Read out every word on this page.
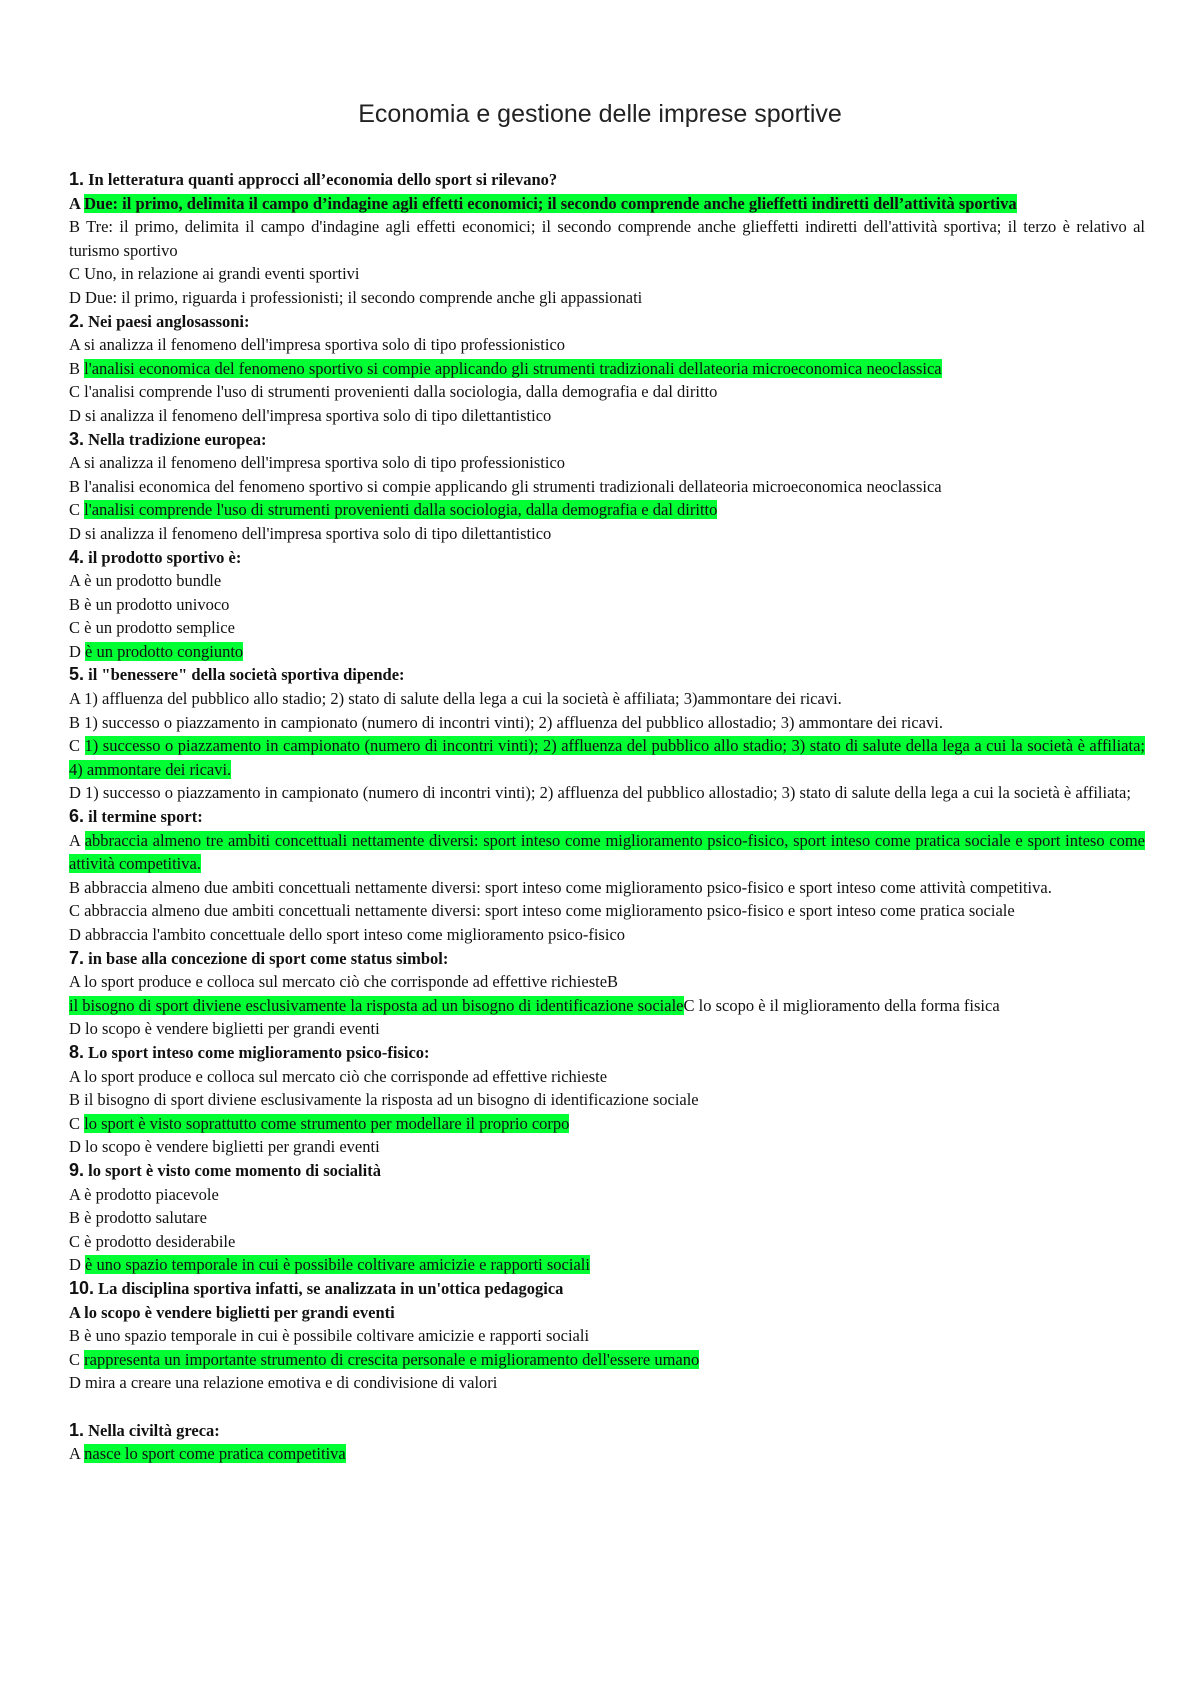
Economia e gestione delle imprese sportive

1. In letteratura quanti approcci all’economia dello sport si rilevano?

A Due: il primo, delimita il campo d’indagine agli effetti economici; il secondo comprende anche glieffetti indiretti dell’attività sportiva

B Tre: il primo, delimita il campo d'indagine agli effetti economici; il secondo comprende anche glieffetti indiretti dell'attività sportiva; il terzo è relativo al turismo sportivo

C Uno, in relazione ai grandi eventi sportivi

D Due: il primo, riguarda i professionisti; il secondo comprende anche gli appassionati

2. Nei paesi anglosassoni:

A si analizza il fenomeno dell'impresa sportiva solo di tipo professionistico

B l'analisi economica del fenomeno sportivo si compie applicando gli strumenti tradizionali dellateoria microeconomica neoclassica

C l'analisi comprende l'uso di strumenti provenienti dalla sociologia, dalla demografia e dal diritto

D si analizza il fenomeno dell'impresa sportiva solo di tipo dilettantistico

3. Nella tradizione europea:

A si analizza il fenomeno dell'impresa sportiva solo di tipo professionistico

B l'analisi economica del fenomeno sportivo si compie applicando gli strumenti tradizionali dellateoria microeconomica neoclassica

C l'analisi comprende l'uso di strumenti provenienti dalla sociologia, dalla demografia e dal diritto

D si analizza il fenomeno dell'impresa sportiva solo di tipo dilettantistico

4. il prodotto sportivo è:

A è un prodotto bundle

B è un prodotto univoco

C è un prodotto semplice

D è un prodotto congiunto

5. il "benessere" della società sportiva dipende:

A 1) affluenza del pubblico allo stadio; 2) stato di salute della lega a cui la società è affiliata; 3)ammontare dei ricavi.

B 1) successo o piazzamento in campionato (numero di incontri vinti); 2) affluenza del pubblico allostadio; 3) ammontare dei ricavi.

C 1) successo o piazzamento in campionato (numero di incontri vinti); 2) affluenza del pubblico allo stadio; 3) stato di salute della lega a cui la società è affiliata; 4) ammontare dei ricavi.

D 1) successo o piazzamento in campionato (numero di incontri vinti); 2) affluenza del pubblico allostadio; 3) stato di salute della lega a cui la società è affiliata;

6. il termine sport:

A abbraccia almeno tre ambiti concettuali nettamente diversi: sport inteso come miglioramento psico-fisico, sport inteso come pratica sociale e sport inteso come attività competitiva.

B abbraccia almeno due ambiti concettuali nettamente diversi: sport inteso come miglioramento psico-fisico e sport inteso come attività competitiva.

C abbraccia almeno due ambiti concettuali nettamente diversi: sport inteso come miglioramento psico-fisico e sport inteso come pratica sociale

D abbraccia l'ambito concettuale dello sport inteso come miglioramento psico-fisico

7. in base alla concezione di sport come status simbol:

A lo sport produce e colloca sul mercato ciò che corrisponde ad effettive richiesteB

il bisogno di sport diviene esclusivamente la risposta ad un bisogno di identificazione socialeC lo scopo è il miglioramento della forma fisica

D lo scopo è vendere biglietti per grandi eventi

8. Lo sport inteso come miglioramento psico-fisico:

A lo sport produce e colloca sul mercato ciò che corrisponde ad effettive richieste

B il bisogno di sport diviene esclusivamente la risposta ad un bisogno di identificazione sociale

C lo sport è visto soprattutto come strumento per modellare il proprio corpo

D lo scopo è vendere biglietti per grandi eventi

9. lo sport è visto come momento di socialità

A è prodotto piacevole

B è prodotto salutare

C è prodotto desiderabile

D è uno spazio temporale in cui è possibile coltivare amicizie e rapporti sociali

10. La disciplina sportiva infatti, se analizzata in un'ottica pedagogica

A lo scopo è vendere biglietti per grandi eventi

B è uno spazio temporale in cui è possibile coltivare amicizie e rapporti sociali

C rappresenta un importante strumento di crescita personale e miglioramento dell'essere umano

D mira a creare una relazione emotiva e di condivisione di valori

1. Nella civiltà greca:

A nasce lo sport come pratica competitiva
